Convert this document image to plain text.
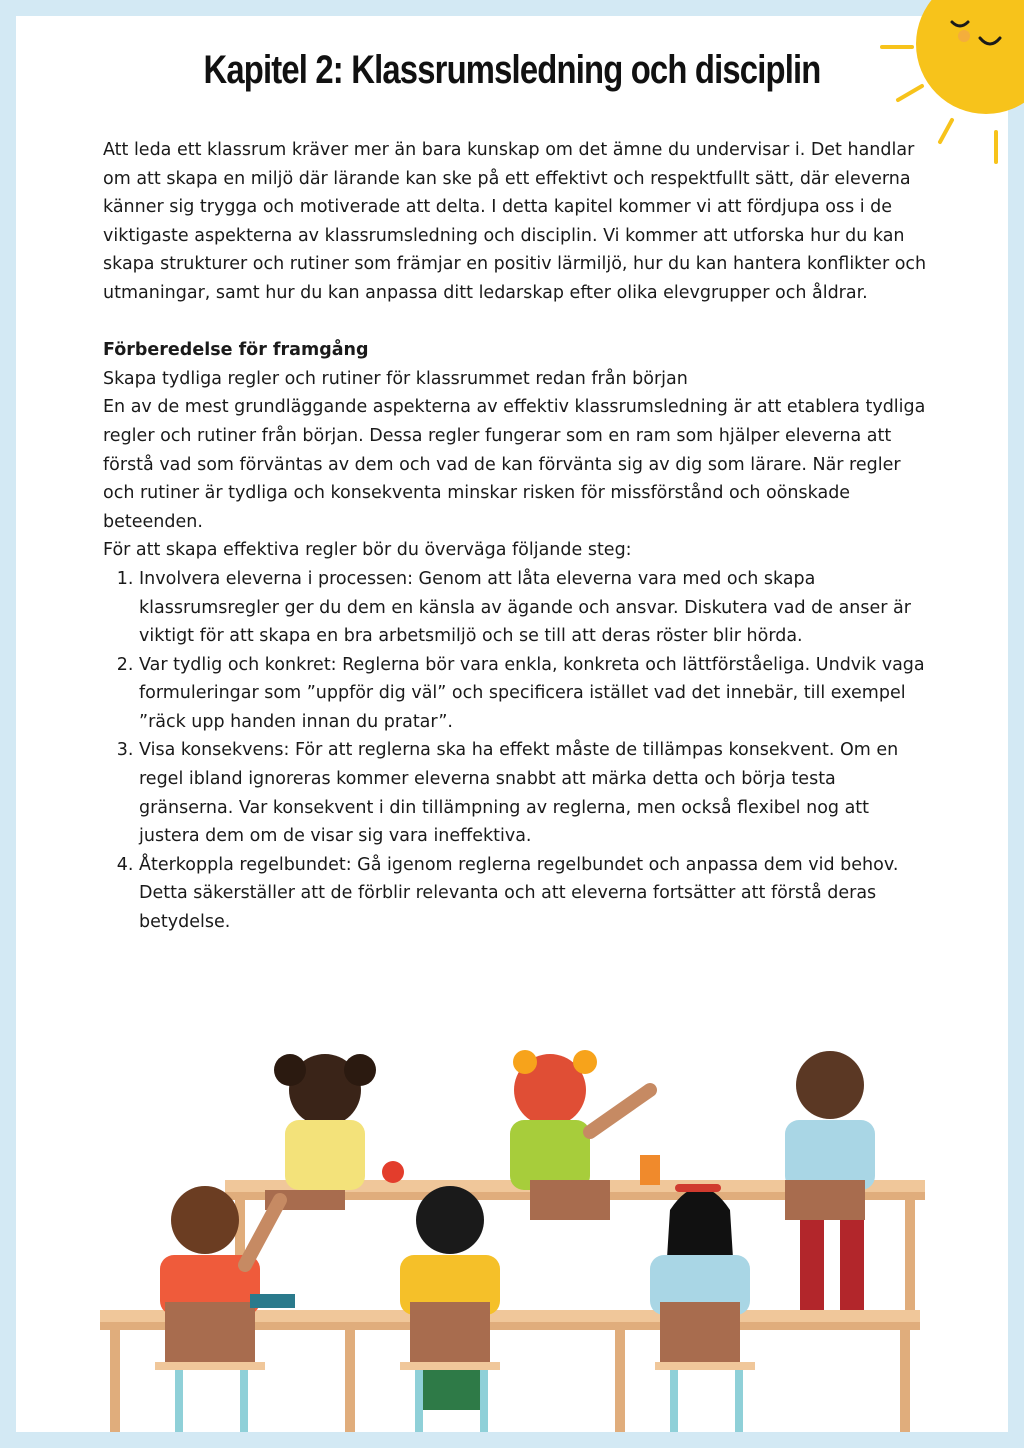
Kapitel 2: Klassrumsledning och disciplin

Att leda ett klassrum kräver mer än bara kunskap om det ämne du undervisar i. Det handlar om att skapa en miljö där lärande kan ske på ett effektivt och respektfullt sätt, där eleverna känner sig trygga och motiverade att delta. I detta kapitel kommer vi att fördjupa oss i de viktigaste aspekterna av klassrumsledning och disciplin. Vi kommer att utforska hur du kan skapa strukturer och rutiner som främjar en positiv lärmiljö, hur du kan hantera konflikter och utmaningar, samt hur du kan anpassa ditt ledarskap efter olika elevgrupper och åldrar.

Förberedelse för framgång

Skapa tydliga regler och rutiner för klassrummet redan från början

En av de mest grundläggande aspekterna av effektiv klassrumsledning är att etablera tydliga regler och rutiner från början. Dessa regler fungerar som en ram som hjälper eleverna att förstå vad som förväntas av dem och vad de kan förvänta sig av dig som lärare. När regler och rutiner är tydliga och konsekventa minskar risken för missförstånd och oönskade beteenden.

För att skapa effektiva regler bör du överväga följande steg:

1. Involvera eleverna i processen: Genom att låta eleverna vara med och skapa klassrumsregler ger du dem en känsla av ägande och ansvar. Diskutera vad de anser är viktigt för att skapa en bra arbetsmiljö och se till att deras röster blir hörda.
2. Var tydlig och konkret: Reglerna bör vara enkla, konkreta och lättförståeliga. Undvik vaga formuleringar som ”uppför dig väl” och specificera istället vad det innebär, till exempel ”räck upp handen innan du pratar”.
3. Visa konsekvens: För att reglerna ska ha effekt måste de tillämpas konsekvent. Om en regel ibland ignoreras kommer eleverna snabbt att märka detta och börja testa gränserna. Var konsekvent i din tillämpning av reglerna, men också flexibel nog att justera dem om de visar sig vara ineffektiva.
4. Återkoppla regelbundet: Gå igenom reglerna regelbundet och anpassa dem vid behov. Detta säkerställer att de förblir relevanta och att eleverna fortsätter att förstå deras betydelse.
